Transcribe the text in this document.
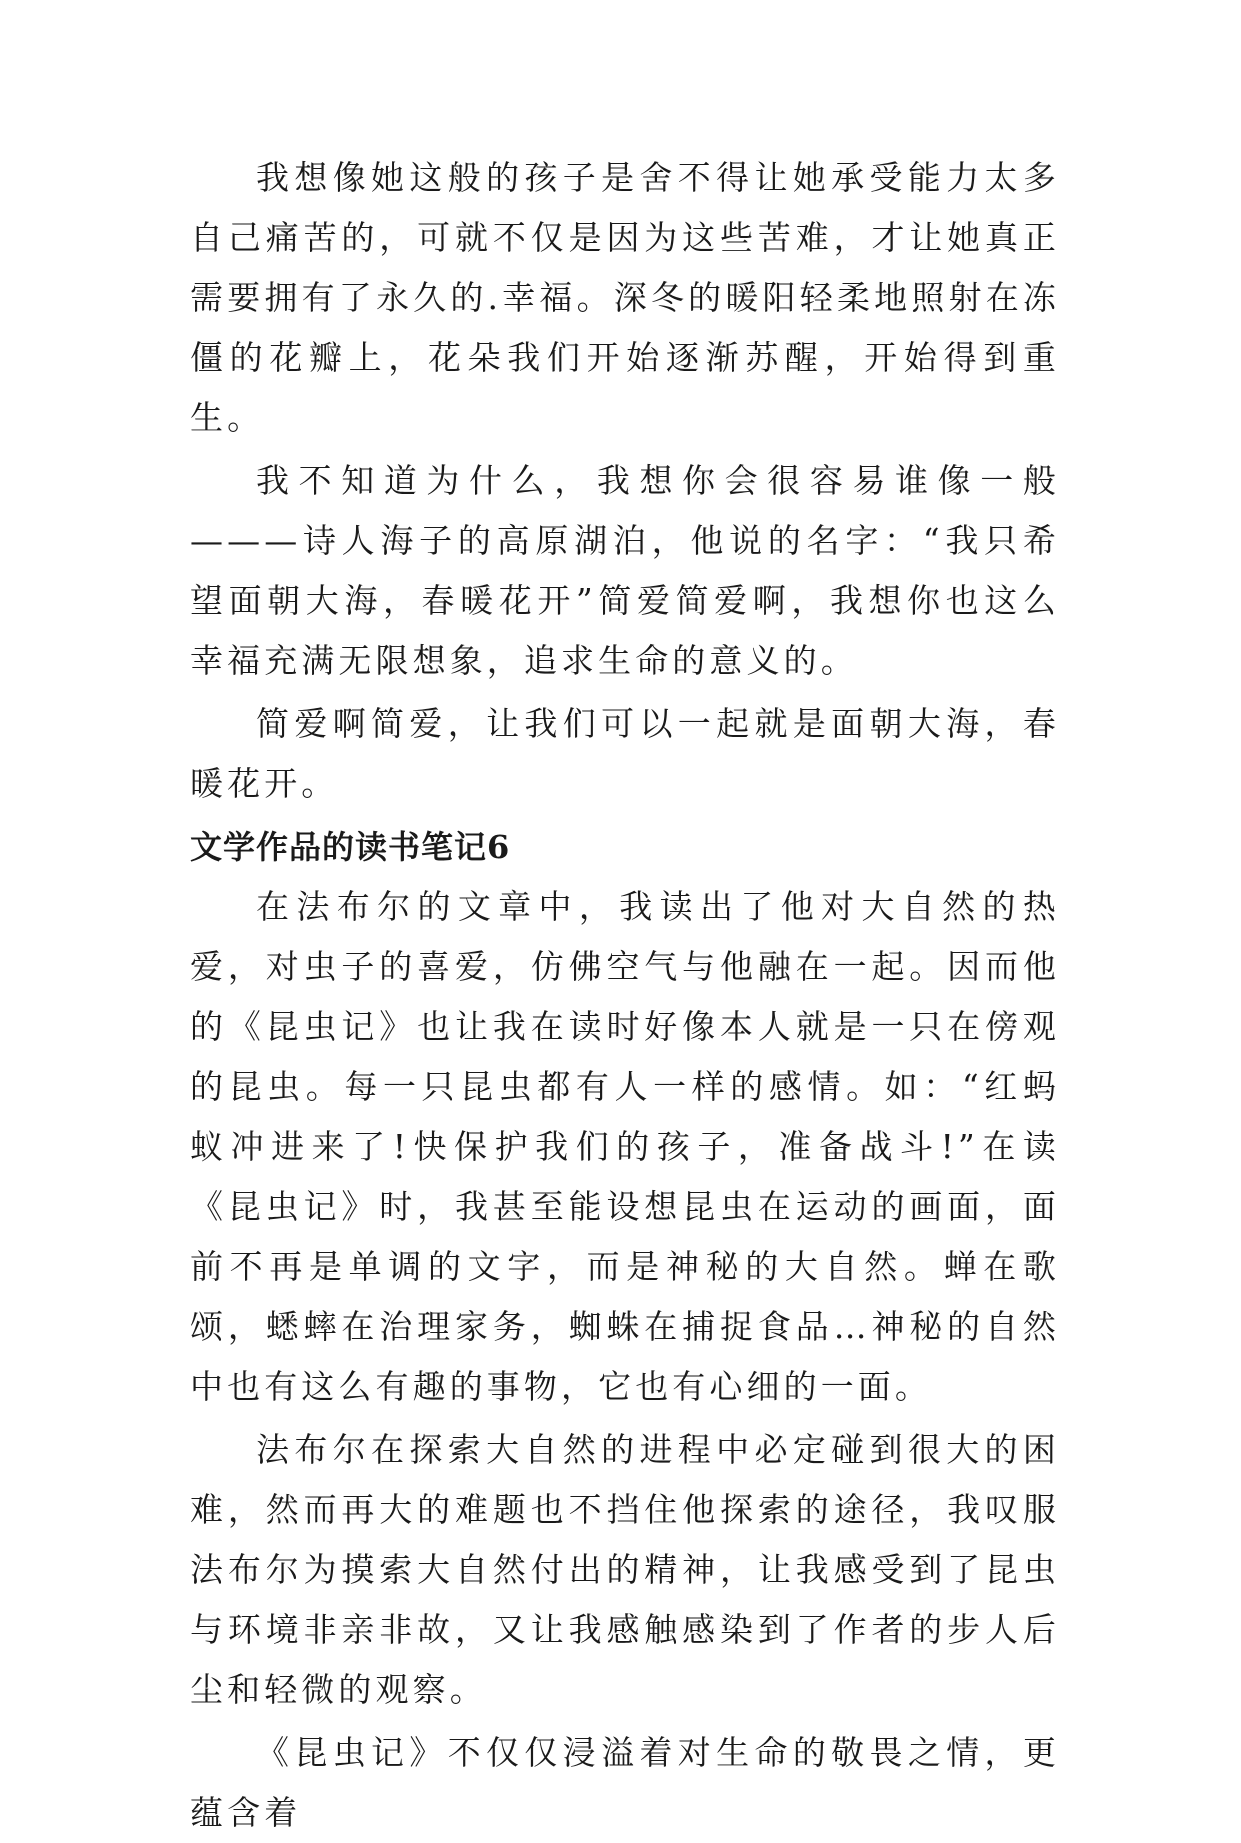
我想像她这般的孩子是舍不得让她承受能力太多自己痛苦的，可就不仅是因为这些苦难，才让她真正需要拥有了永久的.幸福。深冬的暖阳轻柔地照射在冻僵的花瓣上，花朵我们开始逐渐苏醒，开始得到重生。

我不知道为什么，我想你会很容易谁像一般———诗人海子的高原湖泊，他说的名字：“我只希望面朝大海，春暖花开”简爱简爱啊，我想你也这么幸福充满无限想象，追求生命的意义的。

简爱啊简爱，让我们可以一起就是面朝大海，春暖花开。

文学作品的读书笔记6

在法布尔的文章中，我读出了他对大自然的热爱，对虫子的喜爱，仿佛空气与他融在一起。因而他的《昆虫记》也让我在读时好像本人就是一只在傍观的昆虫。每一只昆虫都有人一样的感情。如：“红蚂蚁冲进来了!快保护我们的孩子，准备战斗!”在读《昆虫记》时，我甚至能设想昆虫在运动的画面，面前不再是单调的文字，而是神秘的大自然。蝉在歌颂，蟋蟀在治理家务，蜘蛛在捕捉食品…神秘的自然中也有这么有趣的事物，它也有心细的一面。

法布尔在探索大自然的进程中必定碰到很大的困难，然而再大的难题也不挡住他探索的途径，我叹服法布尔为摸索大自然付出的精神，让我感受到了昆虫与环境非亲非故，又让我感触感染到了作者的步人后尘和轻微的观察。

《昆虫记》不仅仅浸溢着对生命的敬畏之情，更蕴含着
